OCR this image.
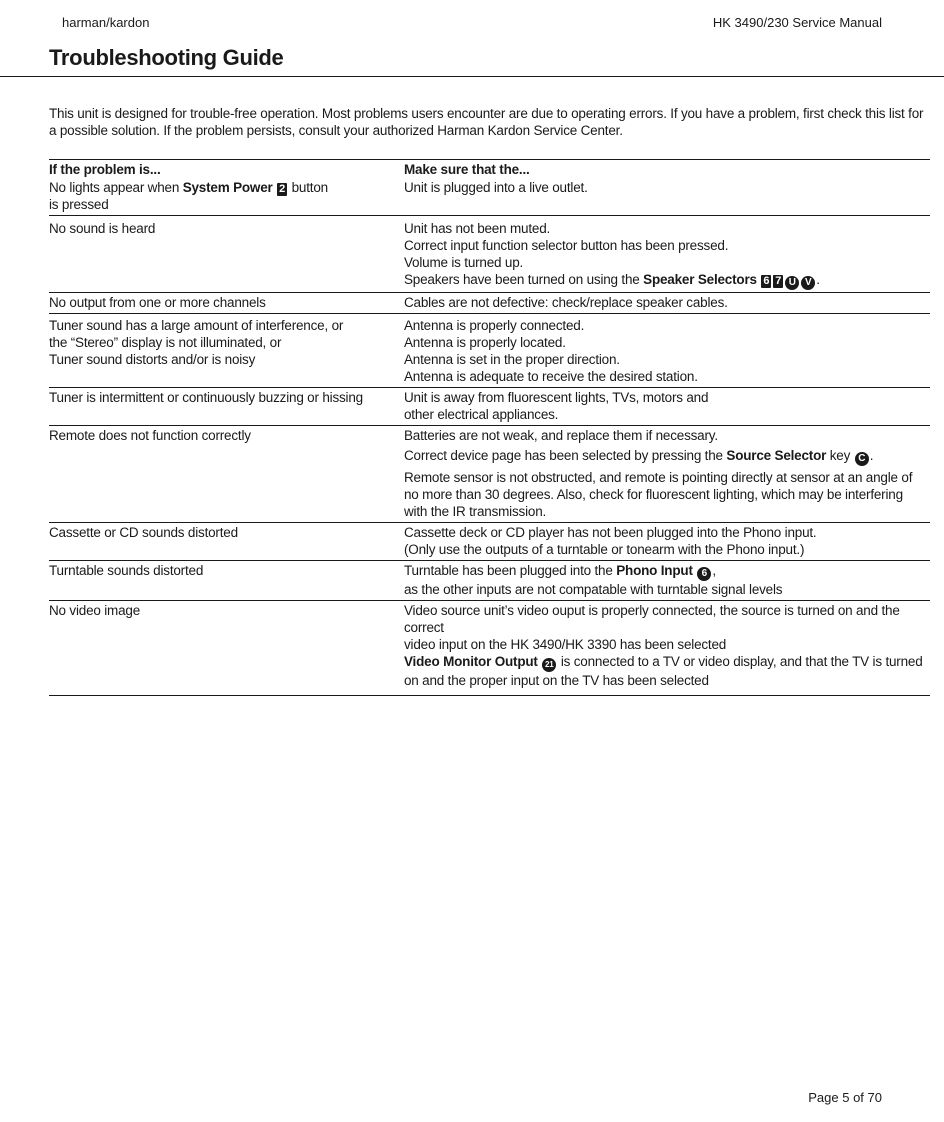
harman/kardon	HK 3490/230 Service Manual
Troubleshooting Guide

This unit is designed for trouble-free operation. Most problems users encounter are due to operating errors. If you have a problem, first check this list for a possible solution. If the problem persists, consult your authorized Harman Kardon Service Center.

If the problem is...	Make sure that the...

No lights appear when System Power 2 button
is pressed	Unit is plugged into a live outlet.

No sound is heard	Unit has not been muted.
Correct input function selector button has been pressed.
Volume is turned up.
Speakers have been turned on using the Speaker Selectors 6 7 U V .

No output from one or more channels	Cables are not defective: check/replace speaker cables.

Tuner sound has a large amount of interference, or
the “Stereo” display is not illuminated, or
Tuner sound distorts and/or is noisy	Antenna is properly connected.
Antenna is properly located.
Antenna is set in the proper direction.
Antenna is adequate to receive the desired station.

Tuner is intermittent or continuously buzzing or hissing	Unit is away from fluorescent lights, TVs, motors and
other electrical appliances.

Remote does not function correctly	Batteries are not weak, and replace them if necessary.
Correct device page has been selected by pressing the Source Selector key C .
Remote sensor is not obstructed, and remote is pointing directly at sensor at an angle of
no more than 30 degrees. Also, check for fluorescent lighting, which may be interfering
with the IR transmission.

Cassette or CD sounds distorted	Cassette deck or CD player has not been plugged into the Phono input.
(Only use the outputs of a turntable or tonearm with the Phono input.)

Turntable sounds distorted	Turntable has been plugged into the Phono Input 6 ,
as the other inputs are not compatable with turntable signal levels

No video image	Video source unit’s video ouput is properly connected, the source is turned on and the correct
video input on the HK 3490/HK 3390 has been selected
Video Monitor Output 21 is connected to a TV or video display, and that the TV is turned
on and the proper input on the TV has been selected
Page 5 of 70
